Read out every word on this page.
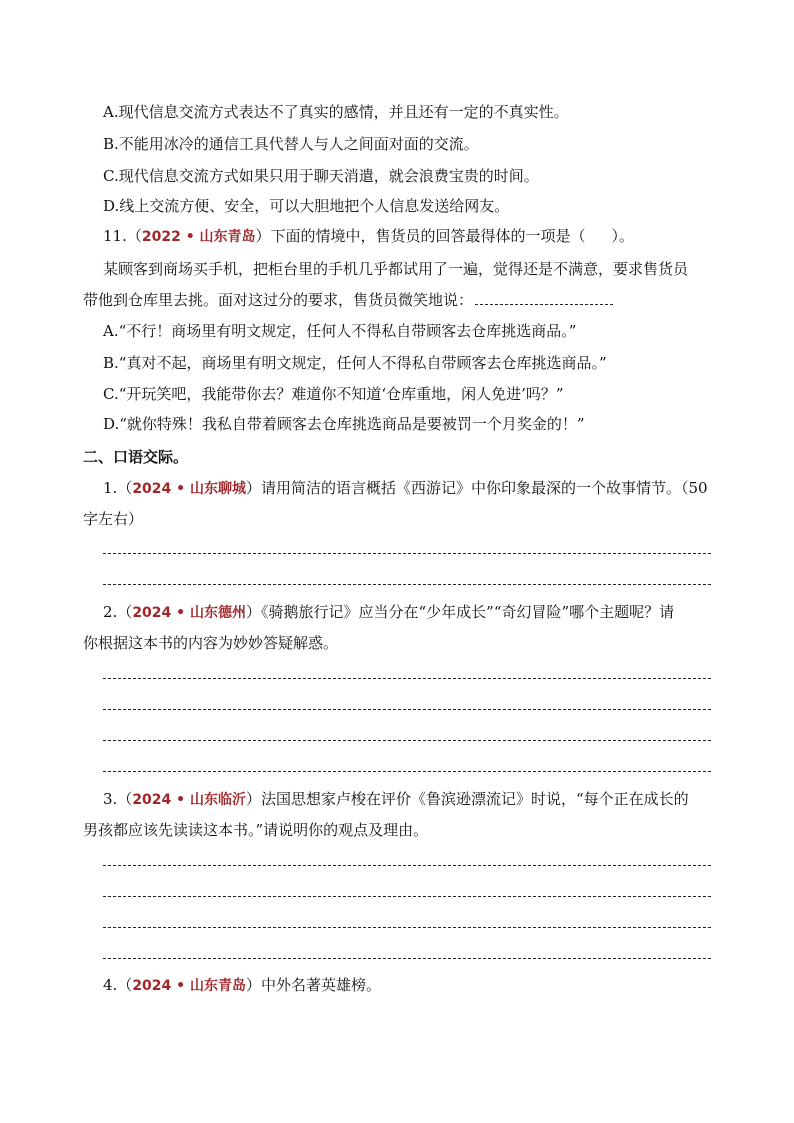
A.现代信息交流方式表达不了真实的感情，并且还有一定的不真实性。
B.不能用冰冷的通信工具代替人与人之间面对面的交流。
C.现代信息交流方式如果只用于聊天消遣，就会浪费宝贵的时间。
D.线上交流方便、安全，可以大胆地把个人信息发送给网友。
11.（2022 • 山东青岛）下面的情境中，售货员的回答最得体的一项是（ ）。
某顾客到商场买手机，把柜台里的手机几乎都试用了一遍，觉得还是不满意，要求售货员
带他到仓库里去挑。面对这过分的要求，售货员微笑地说：
A.“不行！商场里有明文规定，任何人不得私自带顾客去仓库挑选商品。”
B.“真对不起，商场里有明文规定，任何人不得私自带顾客去仓库挑选商品。”
C.“开玩笑吧，我能带你去？难道你不知道‘仓库重地，闲人免进’吗？”
D.“就你特殊！我私自带着顾客去仓库挑选商品是要被罚一个月奖金的！”
二、口语交际。
1.（2024 • 山东聊城）请用简洁的语言概括《西游记》中你印象最深的一个故事情节。（50
字左右）
2.（2024 • 山东德州）《骑鹅旅行记》应当分在“少年成长”“奇幻冒险”哪个主题呢？请
你根据这本书的内容为妙妙答疑解惑。
3.（2024 • 山东临沂）法国思想家卢梭在评价《鲁滨逊漂流记》时说，“每个正在成长的
男孩都应该先读读这本书。”请说明你的观点及理由。
4.（2024 • 山东青岛）中外名著英雄榜。
